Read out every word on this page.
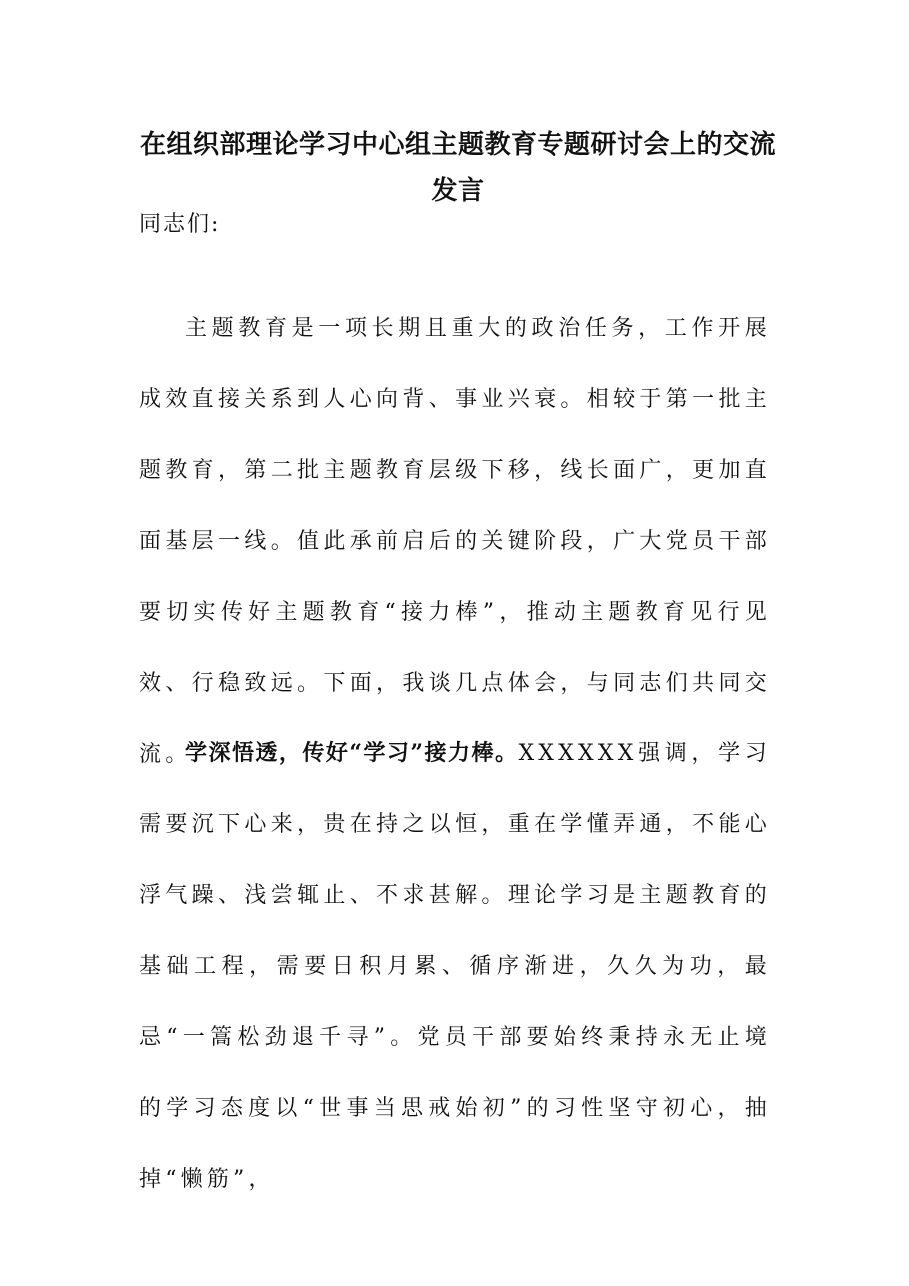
在组织部理论学习中心组主题教育专题研讨会上的交流发言

同志们:

主题教育是一项长期且重大的政治任务，工作开展成效直接关系到人心向背、事业兴衰。相较于第一批主题教育，第二批主题教育层级下移，线长面广，更加直面基层一线。值此承前启后的关键阶段，广大党员干部要切实传好主题教育“接力棒”，推动主题教育见行见效、行稳致远。下面，我谈几点体会，与同志们共同交流。

学深悟透，传好“学习”接力棒。XXXXXX强调，学习需要沉下心来，贵在持之以恒，重在学懂弄通，不能心浮气躁、浅尝辄止、不求甚解。理论学习是主题教育的基础工程，需要日积月累、循序渐进，久久为功，最忌“一篙松劲退千寻”。党员干部要始终秉持永无止境的学习态度以“世事当思戒始初”的习性坚守初心，抽掉“懒筋”，
